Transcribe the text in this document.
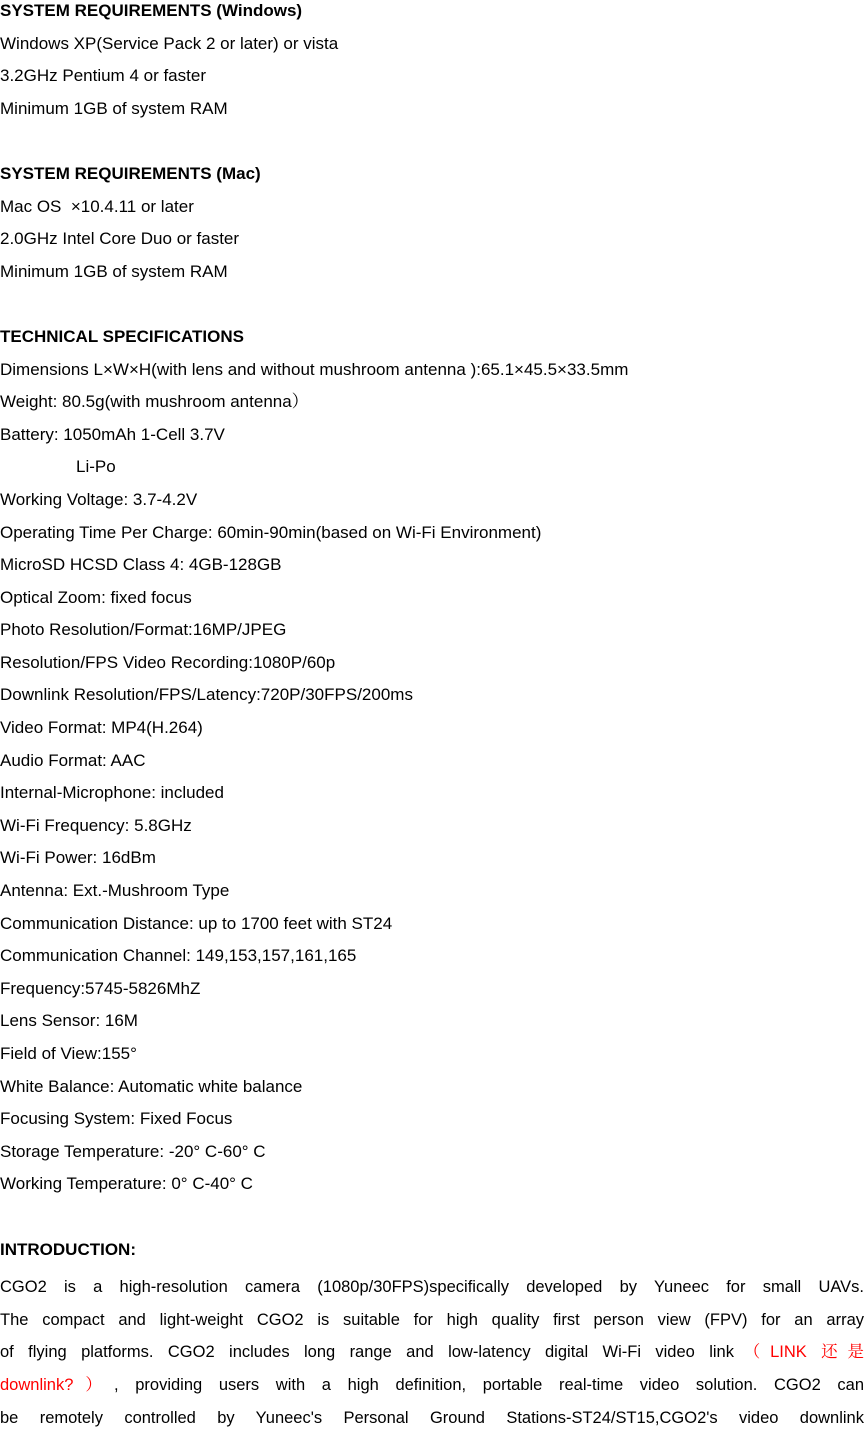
SYSTEM REQUIREMENTS (Windows)
Windows XP(Service Pack 2 or later) or vista
3.2GHz Pentium 4 or faster
Minimum 1GB of system RAM
SYSTEM REQUIREMENTS (Mac)
Mac OS  ×10.4.11 or later
2.0GHz Intel Core Duo or faster
Minimum 1GB of system RAM
TECHNICAL SPECIFICATIONS
Dimensions L×W×H(with lens and without mushroom antenna ):65.1×45.5×33.5mm
Weight: 80.5g(with mushroom antenna）
Battery: 1050mAh 1-Cell 3.7V
Li-Po
Working Voltage: 3.7-4.2V
Operating Time Per Charge: 60min-90min(based on Wi-Fi Environment)
MicroSD HCSD Class 4: 4GB-128GB
Optical Zoom: fixed focus
Photo Resolution/Format:16MP/JPEG
Resolution/FPS Video Recording:1080P/60p
Downlink Resolution/FPS/Latency:720P/30FPS/200ms
Video Format: MP4(H.264)
Audio Format: AAC
Internal-Microphone: included
Wi-Fi Frequency: 5.8GHz
Wi-Fi Power: 16dBm
Antenna: Ext.-Mushroom Type
Communication Distance: up to 1700 feet with ST24
Communication Channel: 149,153,157,161,165
Frequency:5745-5826MhZ
Lens Sensor: 16M
Field of View:155°
White Balance: Automatic white balance
Focusing System: Fixed Focus
Storage Temperature: -20° C-60° C
Working Temperature: 0° C-40° C
INTRODUCTION:
CGO2 is a high-resolution camera (1080p/30FPS)specifically developed by Yuneec for small UAVs.
The compact and light-weight CGO2 is suitable for high quality first person view (FPV) for an array
of flying platforms. CGO2 includes long range and low-latency digital Wi-Fi video link（LINK 还是
downlink?）, providing users with a high definition, portable real-time video solution. CGO2 can
be remotely controlled by Yuneec's Personal Ground Stations-ST24/ST15,CGO2's video downlink
